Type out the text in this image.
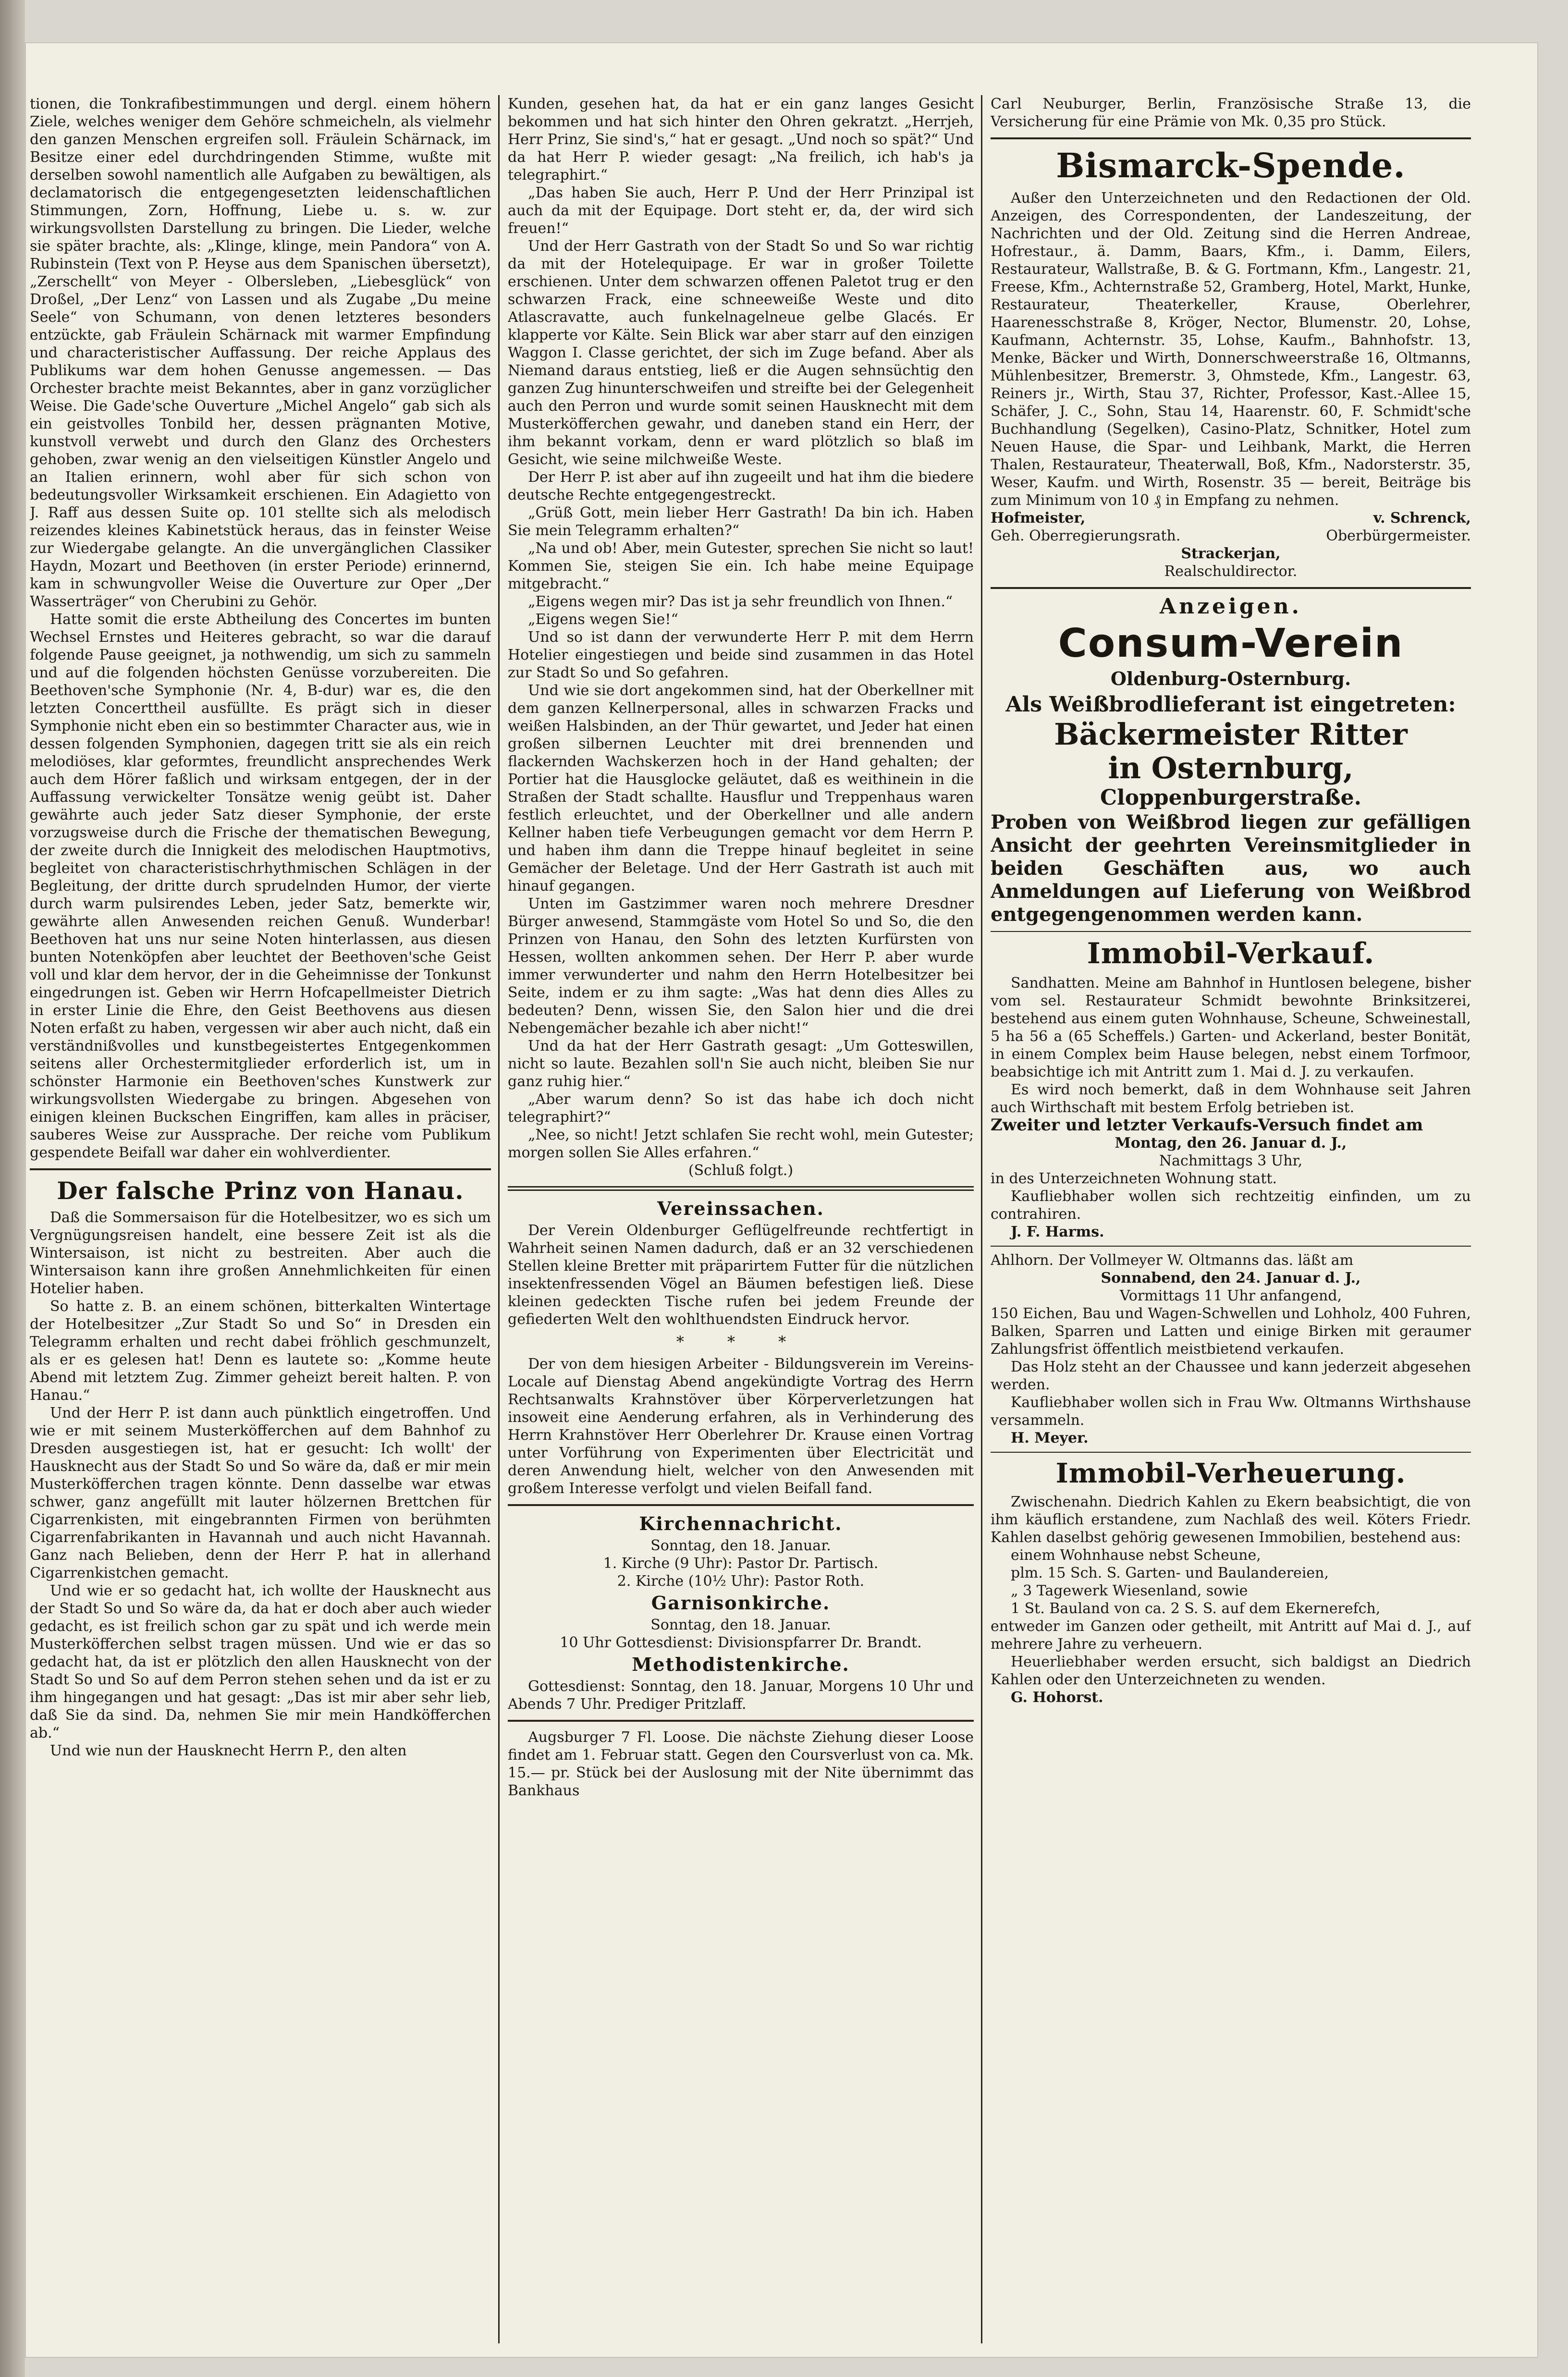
tionen, die Tonkrafibestimmungen und dergl. einem höhern Ziele, welches weniger dem Gehöre schmeicheln, als vielmehr den ganzen Menschen ergreifen soll. Fräulein Schärnack, im Besitze einer edel durchdringenden Stimme, wußte mit derselben sowohl namentlich alle Aufgaben zu bewältigen, als declamatorisch die entgegengesetzten leidenschaftlichen Stimmungen, Zorn, Hoffnung, Liebe u. s. w. zur wirkungsvollsten Darstellung zu bringen. Die Lieder, welche sie später brachte, als: „Klinge, klinge, mein Pandora“ von A. Rubinstein (Text von P. Heyse aus dem Spanischen übersetzt), „Zerschellt“ von Meyer - Olbersleben, „Liebesglück“ von Droßel, „Der Lenz“ von Lassen und als Zugabe „Du meine Seele“ von Schumann, von denen letzteres besonders entzückte, gab Fräulein Schärnack mit warmer Empfindung und characteristischer Auffassung. Der reiche Applaus des Publikums war dem hohen Genusse angemessen. — Das Orchester brachte meist Bekanntes, aber in ganz vorzüglicher Weise. Die Gade'sche Ouverture „Michel Angelo“ gab sich als ein geistvolles Tonbild her, dessen prägnanten Motive, kunstvoll verwebt und durch den Glanz des Orchesters gehoben, zwar wenig an den vielseitigen Künstler Angelo und an Italien erinnern, wohl aber für sich schon von bedeutungsvoller Wirksamkeit erschienen. Ein Adagietto von J. Raff aus dessen Suite op. 101 stellte sich als melodisch reizendes kleines Kabinetstück heraus, das in feinster Weise zur Wiedergabe gelangte. An die unvergänglichen Classiker Haydn, Mozart und Beethoven (in erster Periode) erinnernd, kam in schwungvoller Weise die Ouverture zur Oper „Der Wasserträger“ von Cherubini zu Gehör.

Hatte somit die erste Abtheilung des Concertes im bunten Wechsel Ernstes und Heiteres gebracht, so war die darauf folgende Pause geeignet, ja nothwendig, um sich zu sammeln und auf die folgenden höchsten Genüsse vorzubereiten. Die Beethoven'sche Symphonie (Nr. 4, B-dur) war es, die den letzten Concerttheil ausfüllte. Es prägt sich in dieser Symphonie nicht eben ein so bestimmter Character aus, wie in dessen folgenden Symphonien, dagegen tritt sie als ein reich melodiöses, klar geformtes, freundlicht ansprechendes Werk auch dem Hörer faßlich und wirksam entgegen, der in der Auffassung verwickelter Tonsätze wenig geübt ist. Daher gewährte auch jeder Satz dieser Symphonie, der erste vorzugsweise durch die Frische der thematischen Bewegung, der zweite durch die Innigkeit des melodischen Hauptmotivs, begleitet von characteristischrhythmischen Schlägen in der Begleitung, der dritte durch sprudelnden Humor, der vierte durch warm pulsirendes Leben, jeder Satz, bemerkte wir, gewährte allen Anwesenden reichen Genuß. Wunderbar! Beethoven hat uns nur seine Noten hinterlassen, aus diesen bunten Notenköpfen aber leuchtet der Beethoven'sche Geist voll und klar dem hervor, der in die Geheimnisse der Tonkunst eingedrungen ist. Geben wir Herrn Hofcapellmeister Dietrich in erster Linie die Ehre, den Geist Beethovens aus diesen Noten erfaßt zu haben, vergessen wir aber auch nicht, daß ein verständnißvolles und kunstbegeistertes Entgegenkommen seitens aller Orchestermitglieder erforderlich ist, um in schönster Harmonie ein Beethoven'sches Kunstwerk zur wirkungsvollsten Wiedergabe zu bringen. Abgesehen von einigen kleinen Buckschen Eingriffen, kam alles in präciser, sauberes Weise zur Aussprache. Der reiche vom Publikum gespendete Beifall war daher ein wohlverdienter.

Der falsche Prinz von Hanau.

Daß die Sommersaison für die Hotelbesitzer, wo es sich um Vergnügungsreisen handelt, eine bessere Zeit ist als die Wintersaison, ist nicht zu bestreiten. Aber auch die Wintersaison kann ihre großen Annehmlichkeiten für einen Hotelier haben.

So hatte z. B. an einem schönen, bitterkalten Wintertage der Hotelbesitzer „Zur Stadt So und So“ in Dresden ein Telegramm erhalten und recht dabei fröhlich geschmunzelt, als er es gelesen hat! Denn es lautete so: „Komme heute Abend mit letztem Zug. Zimmer geheizt bereit halten. P. von Hanau.“

Und der Herr P. ist dann auch pünktlich eingetroffen. Und wie er mit seinem Musterköfferchen auf dem Bahnhof zu Dresden ausgestiegen ist, hat er gesucht: Ich wollt' der Hausknecht aus der Stadt So und So wäre da, daß er mir mein Musterköfferchen tragen könnte. Denn dasselbe war etwas schwer, ganz angefüllt mit lauter hölzernen Brettchen für Cigarrenkisten, mit eingebrannten Firmen von berühmten Cigarrenfabrikanten in Havannah und auch nicht Havannah. Ganz nach Belieben, denn der Herr P. hat in allerhand Cigarrenkistchen gemacht.

Und wie er so gedacht hat, ich wollte der Hausknecht aus der Stadt So und So wäre da, da hat er doch aber auch wieder gedacht, es ist freilich schon gar zu spät und ich werde mein Musterköfferchen selbst tragen müssen. Und wie er das so gedacht hat, da ist er plötzlich den allen Hausknecht von der Stadt So und So auf dem Perron stehen sehen und da ist er zu ihm hingegangen und hat gesagt: „Das ist mir aber sehr lieb, daß Sie da sind. Da, nehmen Sie mir mein Handköfferchen ab.“

Und wie nun der Hausknecht Herrn P., den alten

Kunden, gesehen hat, da hat er ein ganz langes Gesicht bekommen und hat sich hinter den Ohren gekratzt. „Herrjeh, Herr Prinz, Sie sind's,“ hat er gesagt. „Und noch so spät?“ Und da hat Herr P. wieder gesagt: „Na freilich, ich hab's ja telegraphirt.“

„Das haben Sie auch, Herr P. Und der Herr Prinzipal ist auch da mit der Equipage. Dort steht er, da, der wird sich freuen!“

Und der Herr Gastrath von der Stadt So und So war richtig da mit der Hotelequipage. Er war in großer Toilette erschienen. Unter dem schwarzen offenen Paletot trug er den schwarzen Frack, eine schneeweiße Weste und dito Atlascravatte, auch funkelnagelneue gelbe Glacés. Er klapperte vor Kälte. Sein Blick war aber starr auf den einzigen Waggon I. Classe gerichtet, der sich im Zuge befand. Aber als Niemand daraus entstieg, ließ er die Augen sehnsüchtig den ganzen Zug hinunterschweifen und streifte bei der Gelegenheit auch den Perron und wurde somit seinen Hausknecht mit dem Musterköfferchen gewahr, und daneben stand ein Herr, der ihm bekannt vorkam, denn er ward plötzlich so blaß im Gesicht, wie seine milchweiße Weste.

Der Herr P. ist aber auf ihn zugeeilt und hat ihm die biedere deutsche Rechte entgegengestreckt.

„Grüß Gott, mein lieber Herr Gastrath! Da bin ich. Haben Sie mein Telegramm erhalten?“

„Na und ob! Aber, mein Gutester, sprechen Sie nicht so laut! Kommen Sie, steigen Sie ein. Ich habe meine Equipage mitgebracht.“

„Eigens wegen mir? Das ist ja sehr freundlich von Ihnen.“

„Eigens wegen Sie!“

Und so ist dann der verwunderte Herr P. mit dem Herrn Hotelier eingestiegen und beide sind zusammen in das Hotel zur Stadt So und So gefahren.

Und wie sie dort angekommen sind, hat der Oberkellner mit dem ganzen Kellnerpersonal, alles in schwarzen Fracks und weißen Halsbinden, an der Thür gewartet, und Jeder hat einen großen silbernen Leuchter mit drei brennenden und flackernden Wachskerzen hoch in der Hand gehalten; der Portier hat die Hausglocke geläutet, daß es weithinein in die Straßen der Stadt schallte. Hausflur und Treppenhaus waren festlich erleuchtet, und der Oberkellner und alle andern Kellner haben tiefe Verbeugungen gemacht vor dem Herrn P. und haben ihm dann die Treppe hinauf begleitet in seine Gemächer der Beletage. Und der Herr Gastrath ist auch mit hinauf gegangen.

Unten im Gastzimmer waren noch mehrere Dresdner Bürger anwesend, Stammgäste vom Hotel So und So, die den Prinzen von Hanau, den Sohn des letzten Kurfürsten von Hessen, wollten ankommen sehen. Der Herr P. aber wurde immer verwunderter und nahm den Herrn Hotelbesitzer bei Seite, indem er zu ihm sagte: „Was hat denn dies Alles zu bedeuten? Denn, wissen Sie, den Salon hier und die drei Nebengemächer bezahle ich aber nicht!“

Und da hat der Herr Gastrath gesagt: „Um Gotteswillen, nicht so laute. Bezahlen soll'n Sie auch nicht, bleiben Sie nur ganz ruhig hier.“

„Aber warum denn? So ist das habe ich doch nicht telegraphirt?“

„Nee, so nicht! Jetzt schlafen Sie recht wohl, mein Gutester; morgen sollen Sie Alles erfahren.“

(Schluß folgt.)

Vereinssachen.

Der Verein Oldenburger Geflügelfreunde rechtfertigt in Wahrheit seinen Namen dadurch, daß er an 32 verschiedenen Stellen kleine Bretter mit präparirtem Futter für die nützlichen insektenfressenden Vögel an Bäumen befestigen ließ. Diese kleinen gedeckten Tische rufen bei jedem Freunde der gefiederten Welt den wohlthuendsten Eindruck hervor.

* * *

Der von dem hiesigen Arbeiter - Bildungsverein im Vereins-Locale auf Dienstag Abend angekündigte Vortrag des Herrn Rechtsanwalts Krahnstöver über Körperverletzungen hat insoweit eine Aenderung erfahren, als in Verhinderung des Herrn Krahnstöver Herr Oberlehrer Dr. Krause einen Vortrag unter Vorführung von Experimenten über Electricität und deren Anwendung hielt, welcher von den Anwesenden mit großem Interesse verfolgt und vielen Beifall fand.

Kirchennachricht.

Sonntag, den 18. Januar.

1. Kirche (9 Uhr): Pastor Dr. Partisch.

2. Kirche (10½ Uhr): Pastor Roth.

Garnisonkirche.

Sonntag, den 18. Januar.

10 Uhr Gottesdienst: Divisionspfarrer Dr. Brandt.

Methodistenkirche.

Gottesdienst: Sonntag, den 18. Januar, Morgens 10 Uhr und Abends 7 Uhr. Prediger Pritzlaff.

Augsburger 7 Fl. Loose. Die nächste Ziehung dieser Loose findet am 1. Februar statt. Gegen den Coursverlust von ca. Mk. 15.— pr. Stück bei der Auslosung mit der Nite übernimmt das Bankhaus

Carl Neuburger, Berlin, Französische Straße 13, die Versicherung für eine Prämie von Mk. 0,35 pro Stück.

Bismarck-Spende.

Außer den Unterzeichneten und den Redactionen der Old. Anzeigen, des Correspondenten, der Landeszeitung, der Nachrichten und der Old. Zeitung sind die Herren Andreae, Hofrestaur., ä. Damm, Baars, Kfm., i. Damm, Eilers, Restaurateur, Wallstraße, B. & G. Fortmann, Kfm., Langestr. 21, Freese, Kfm., Achternstraße 52, Gramberg, Hotel, Markt, Hunke, Restaurateur, Theaterkeller, Krause, Oberlehrer, Haarenesschstraße 8, Kröger, Nector, Blumenstr. 20, Lohse, Kaufmann, Achternstr. 35, Lohse, Kaufm., Bahnhofstr. 13, Menke, Bäcker und Wirth, Donnerschweerstraße 16, Oltmanns, Mühlenbesitzer, Bremerstr. 3, Ohmstede, Kfm., Langestr. 63, Reiners jr., Wirth, Stau 37, Richter, Professor, Kast.-Allee 15, Schäfer, J. C., Sohn, Stau 14, Haarenstr. 60, F. Schmidt'sche Buchhandlung (Segelken), Casino-Platz, Schnitker, Hotel zum Neuen Hause, die Spar- und Leihbank, Markt, die Herren Thalen, Restaurateur, Theaterwall, Boß, Kfm., Nadorsterstr. 35, Weser, Kaufm. und Wirth, Rosenstr. 35 — bereit, Beiträge bis zum Minimum von 10 ₰ in Empfang zu nehmen.

Hofmeister,	v. Schrenck,
Geh. Oberregierungsrath.	Oberbürgermeister.

Strackerjan,

Realschuldirector.

Anzeigen.
Consum-Verein

Oldenburg-Osternburg.

Als Weißbrodlieferant ist eingetreten:

Bäckermeister Ritter

in Osternburg,

Cloppenburgerstraße.

Proben von Weißbrod liegen zur gefälligen Ansicht der geehrten Vereinsmitglieder in beiden Geschäften aus, wo auch Anmeldungen auf Lieferung von Weißbrod entgegengenommen werden kann.

Immobil-Verkauf.

Sandhatten. Meine am Bahnhof in Huntlosen belegene, bisher vom sel. Restaurateur Schmidt bewohnte Brinksitzerei, bestehend aus einem guten Wohnhause, Scheune, Schweinestall, 5 ha 56 a (65 Scheffels.) Garten- und Ackerland, bester Bonität, in einem Complex beim Hause belegen, nebst einem Torfmoor, beabsichtige ich mit Antritt zum 1. Mai d. J. zu verkaufen.

Es wird noch bemerkt, daß in dem Wohnhause seit Jahren auch Wirthschaft mit bestem Erfolg betrieben ist.

Zweiter und letzter Verkaufs-Versuch findet am

Montag, den 26. Januar d. J.,

Nachmittags 3 Uhr,

in des Unterzeichneten Wohnung statt.

Kaufliebhaber wollen sich rechtzeitig einfinden, um zu contrahiren.

J. F. Harms.

Ahlhorn. Der Vollmeyer W. Oltmanns das. läßt am

Sonnabend, den 24. Januar d. J.,

Vormittags 11 Uhr anfangend,

150 Eichen, Bau und Wagen-Schwellen und Lohholz, 400 Fuhren, Balken, Sparren und Latten und einige Birken mit geraumer Zahlungsfrist öffentlich meistbietend verkaufen.

Das Holz steht an der Chaussee und kann jederzeit abgesehen werden.

Kaufliebhaber wollen sich in Frau Ww. Oltmanns Wirthshause versammeln.

H. Meyer.

Immobil-Verheuerung.

Zwischenahn. Diedrich Kahlen zu Ekern beabsichtigt, die von ihm käuflich erstandene, zum Nachlaß des weil. Köters Friedr. Kahlen daselbst gehörig gewesenen Immobilien, bestehend aus:

einem Wohnhause nebst Scheune,

plm. 15 Sch. S. Garten- und Baulandereien,

„ 3 Tagewerk Wiesenland, sowie

1 St. Bauland von ca. 2 S. S. auf dem Ekernerefch,

entweder im Ganzen oder getheilt, mit Antritt auf Mai d. J., auf mehrere Jahre zu verheuern.

Heuerliebhaber werden ersucht, sich baldigst an Diedrich Kahlen oder den Unterzeichneten zu wenden.

G. Hohorst.
